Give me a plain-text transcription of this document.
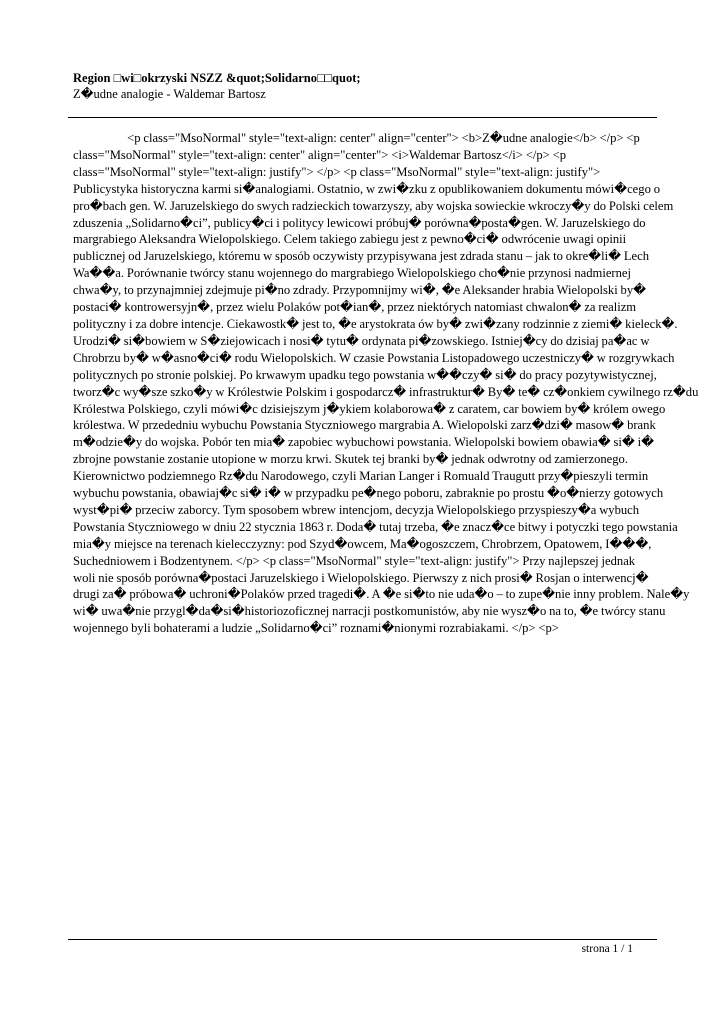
Region □wi□okrzyski NSZZ &quot;Solidarno□□quot;
Z�udne analogie - Waldemar Bartosz
<p class="MsoNormal" style="text-align: center" align="center"> <b>Z�udne analogie</b> </p> <p
class="MsoNormal" style="text-align: center" align="center"> <i>Waldemar Bartosz</i> </p> <p
class="MsoNormal" style="text-align: justify"> </p> <p class="MsoNormal" style="text-align: justify">
Publicystyka historyczna karmi si�analogiami. Ostatnio, w zwi�zku z opublikowaniem dokumentu mówi�cego o
pro�bach gen. W. Jaruzelskiego do swych radzieckich towarzyszy, aby wojska sowieckie wkroczy�y do Polski celem
zduszenia „Solidarno�ci”, publicy�ci i politycy lewicowi próbuj� porówna�posta�gen. W. Jaruzelskiego do
margrabiego Aleksandra Wielopolskiego. Celem takiego zabiegu jest z pewno�ci� odwrócenie uwagi opinii
publicznej od Jaruzelskiego, któremu w sposób oczywisty przypisywana jest zdrada stanu – jak to okre�li� Lech
Wa��a. Porównanie twórcy stanu wojennego do margrabiego Wielopolskiego cho�nie przynosi nadmiernej
chwa�y, to przynajmniej zdejmuje pi�no zdrady. Przypomnijmy wi�, �e Aleksander hrabia Wielopolski by�
postaci� kontrowersyjn�, przez wielu Polaków pot�ian�, przez niektórych natomiast chwalon� za realizm
polityczny i za dobre intencje. Ciekawostk� jest to, �e arystokrata ów by� zwi�zany rodzinnie z ziemi� kieleck�.
Urodzi� si�bowiem w S�ziejowicach i nosi� tytu� ordynata pi�zowskiego. Istniej�cy do dzisiaj pa�ac w
Chrobrzu by� w�asno�ci� rodu Wielopolskich. W czasie Powstania Listopadowego uczestniczy� w rozgrywkach
politycznych po stronie polskiej. Po krwawym upadku tego powstania w��czy� si� do pracy pozytywistycznej,
tworz�c wy�sze szko�y w Królestwie Polskim i gospodarcz� infrastruktur� By� te� cz�onkiem cywilnego rz�du
Królestwa Polskiego, czyli mówi�c dzisiejszym j�ykiem kolaborowa� z caratem, car bowiem by� królem owego
królestwa. W przededniu wybuchu Powstania Styczniowego margrabia A. Wielopolski zarz�dzi� masow� brank
m�odzie�y do wojska. Pobór ten mia� zapobiec wybuchowi powstania. Wielopolski bowiem obawia� si� i�
zbrojne powstanie zostanie utopione w morzu krwi. Skutek tej branki by� jednak odwrotny od zamierzonego.
Kierownictwo podziemnego Rz�du Narodowego, czyli Marian Langer i Romuald Traugutt przy�pieszyli termin
wybuchu powstania, obawiaj�c si� i� w przypadku pe�nego poboru, zabraknie po prostu �o�nierzy gotowych
wyst�pi� przeciw zaborcy. Tym sposobem wbrew intencjom, decyzja Wielopolskiego przyspieszy�a wybuch
Powstania Styczniowego w dniu 22 stycznia 1863 r. Doda� tutaj trzeba, �e znacz�ce bitwy i potyczki tego powstania
mia�y miejsce na terenach kielecczyzny: pod Szyd�owcem, Ma�ogoszczem, Chrobrzem, Opatowem, I���,
Suchedniowem i Bodzentynem. </p> <p class="MsoNormal" style="text-align: justify"> Przy najlepszej jednak
woli nie sposób porówna�postaci Jaruzelskiego i Wielopolskiego. Pierwszy z nich prosi� Rosjan o interwencj�
drugi za� próbowa� uchroni�Polaków przed tragedi�. A �e si�to nie uda�o – to zupe�nie inny problem. Nale�y
wi� uwa�nie przygl�da�si�historiozoficznej narracji postkomunistów, aby nie wysz�o na to, �e twórcy stanu
wojennego byli bohaterami a ludzie „Solidarno�ci” roznami�nionymi rozrabiakami. </p> <p>
strona 1 / 1
